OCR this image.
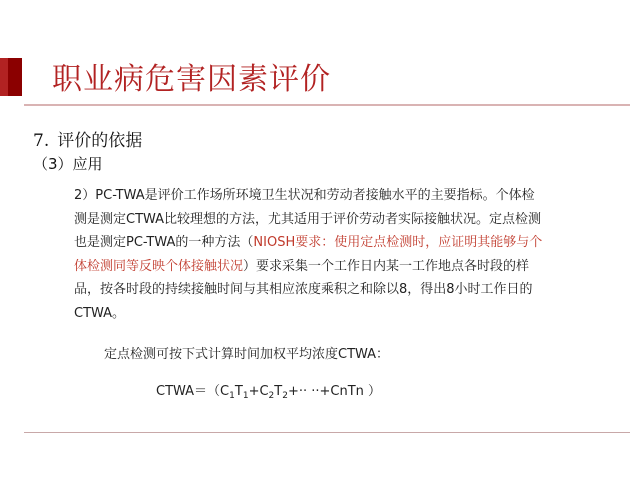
职业病危害因素评价
7. 评价的依据
（3）应用
2）PC-TWA是评价工作场所环境卫生状况和劳动者接触水平的主要指标。个体检
测是测定CTWA比较理想的方法，尤其适用于评价劳动者实际接触状况。定点检测
也是测定PC-TWA的一种方法（NIOSH要求：使用定点检测时，应证明其能够与个
体检测同等反映个体接触状况）要求采集一个工作日内某一工作地点各时段的样
品，按各时段的持续接触时间与其相应浓度乘积之和除以8，得出8小时工作日的
CTWA。
定点检测可按下式计算时间加权平均浓度CTWA：
$CTWA=(C_1T_1+C_2T_2+\cdot\cdot$ ··+CnTn ）
